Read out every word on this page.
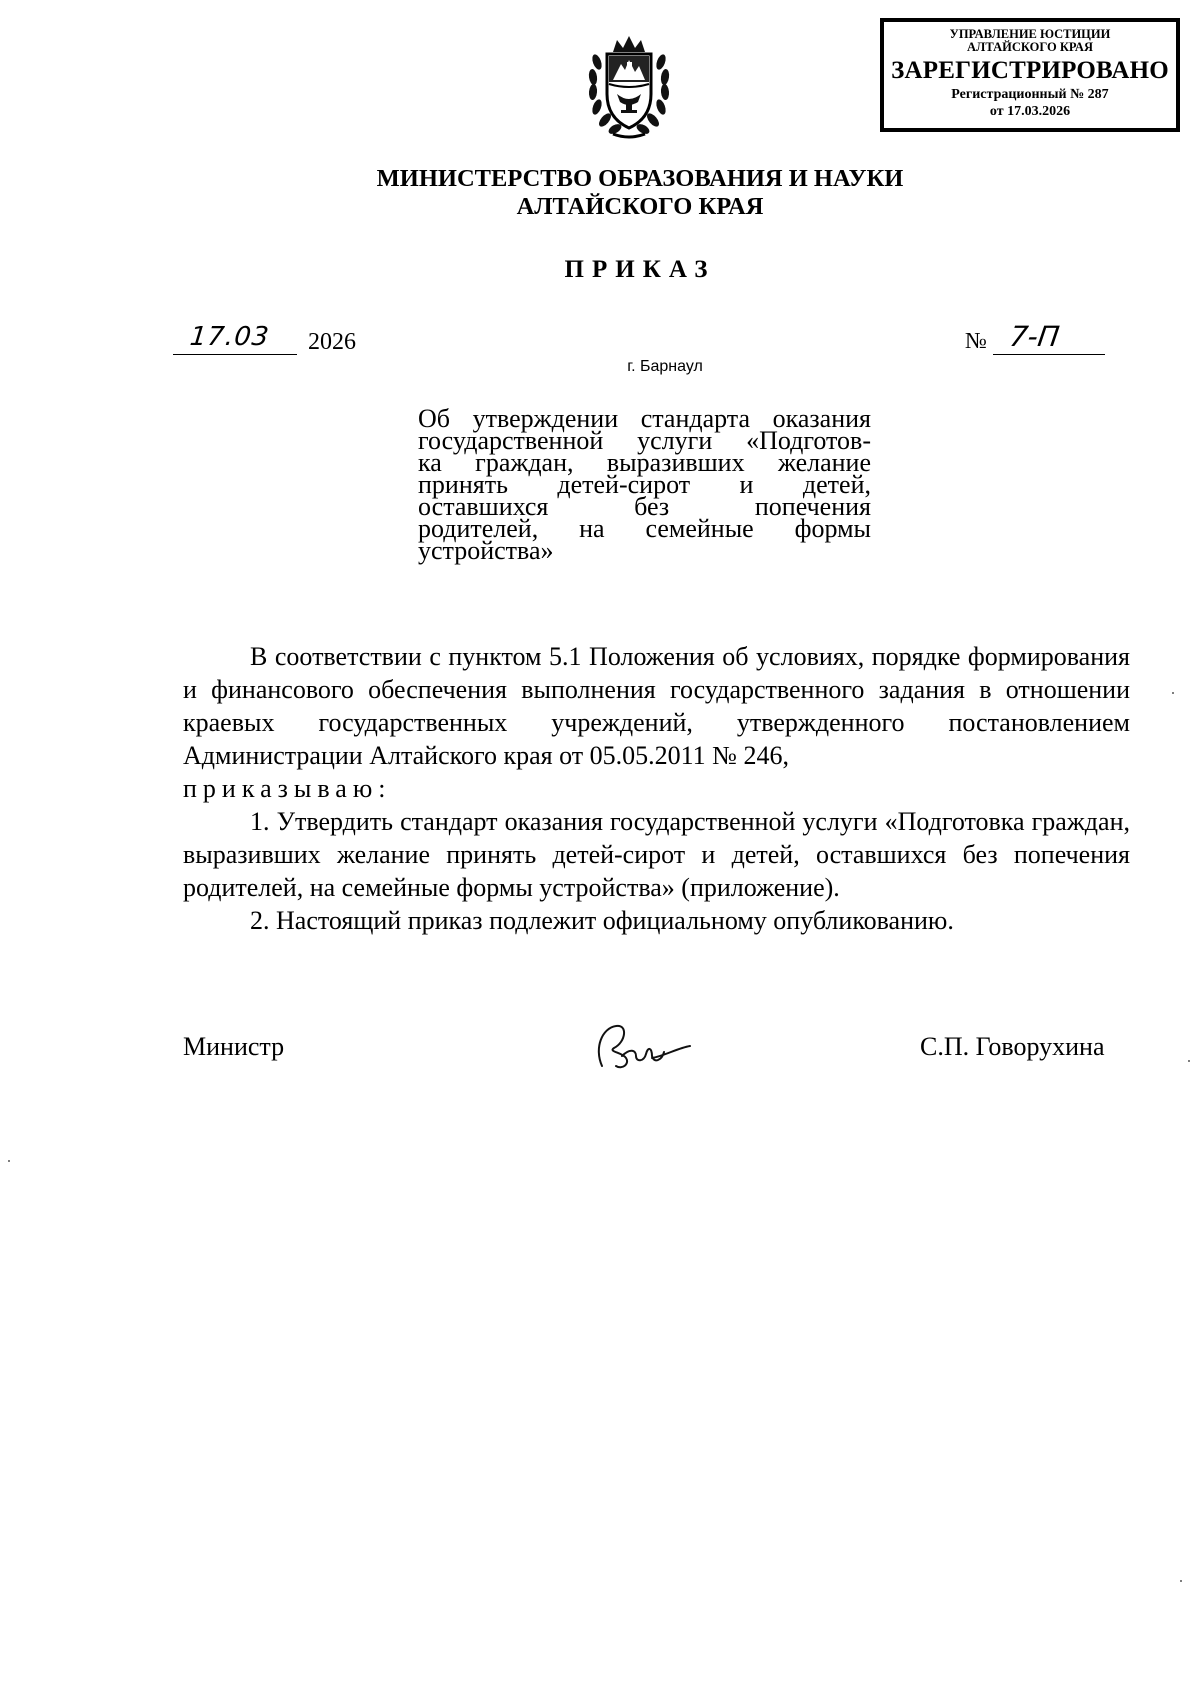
УПРАВЛЕНИЕ ЮСТИЦИИ
АЛТАЙСКОГО КРАЯ
ЗАРЕГИСТРИРОВАНО
Регистрационный № 287
от 17.03.2026
МИНИСТЕРСТВО ОБРАЗОВАНИЯ И НАУКИ
АЛТАЙСКОГО КРАЯ
ПРИКАЗ
17.03 2026	№ 7-П
г. Барнаул
Об утверждении стандарта оказания
государственной услуги «Подготов-
ка граждан, выразивших желание
принять детей-сирот и детей,
оставшихся без попечения
родителей, на семейные формы
устройства»

В соответствии с пунктом 5.1 Положения об условиях, порядке формирования и финансового обеспечения выполнения государственного задания в отношении краевых государственных учреждений, утвержденного постановлением Администрации Алтайского края от 05.05.2011 № 246,

приказываю:

1. Утвердить стандарт оказания государственной услуги «Подготовка граждан, выразивших желание принять детей-сирот и детей, оставшихся без попечения родителей, на семейные формы устройства» (приложение).

2. Настоящий приказ подлежит официальному опубликованию.

Министр	С.П. Говорухина
